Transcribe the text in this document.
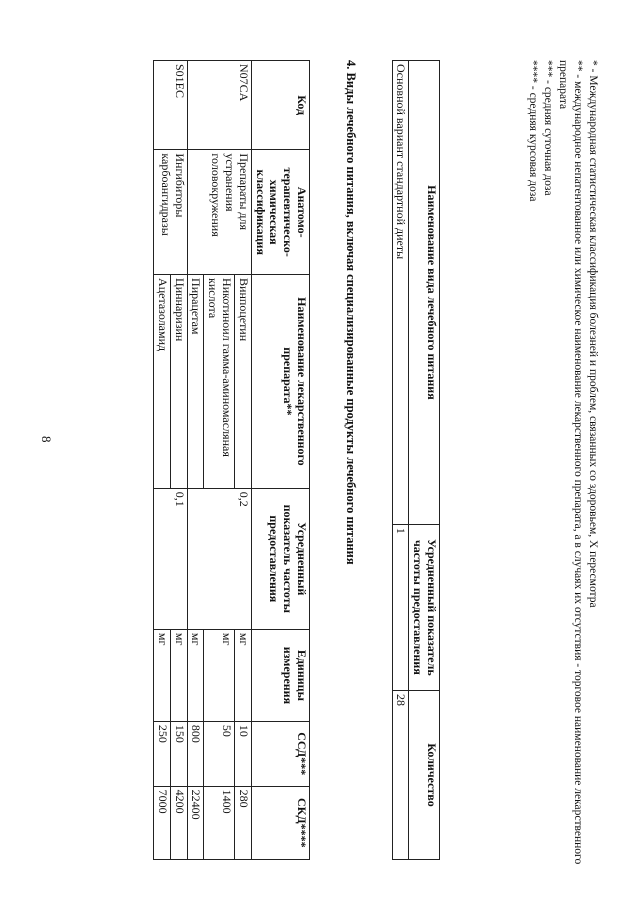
8
Код	Анатомо-терапевтическо-химическая классификация	Наименование лекарственного препарата**	Усредненный показатель частоты предоставления	Единицы измерения	ССД***	СКД****
N07CA	Препараты для устранения головокружения	Винпоцетин	0,2	мг	10	280
		Никотиноил гамма-аминомасляная кислота		мг	50	1400
		Пирацетам		мг	800	22400
S01EC	Ингибиторы карбоангидразы	Циннаризин	0,1	мг	150	4200
		Ацетазоламид		мг	250	7000
4. Виды лечебного питания, включая специализированные продукты лечебного питания	Наименование вида лечебного питания	Усредненный показатель частоты предоставления	Количество
Основной вариант стандартной диеты	1	28
* - Международная статистическая классификация болезней и проблем, связанных со здоровьем, X пересмотра
** - международное непатентованное или химическое наименование лекарственного препарата, а в случаях их отсутствия - торговое наименование лекарственного препарата
*** - средняя суточная доза
**** - средняя курсовая доза
